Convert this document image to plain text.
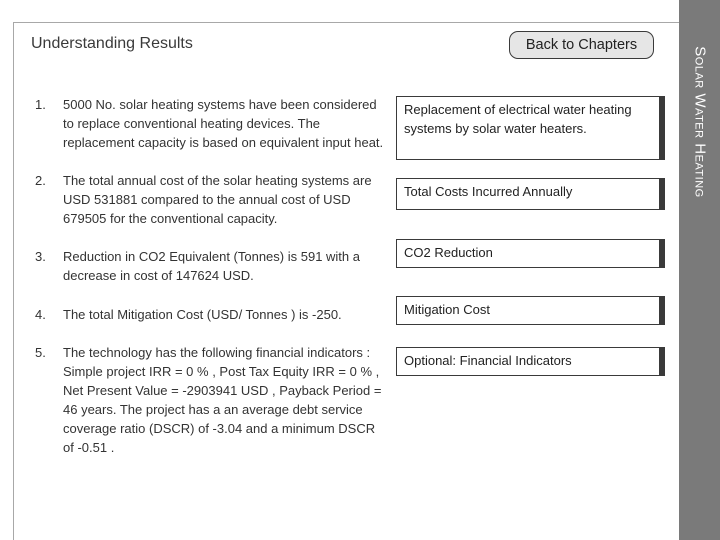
Understanding Results	Back to Chapters
Solar Water Heating
1. 5000 No. solar heating systems have been considered to replace conventional heating devices. The replacement capacity is based on equivalent input heat.
2. The total annual cost of the solar heating systems are USD 531881 compared to the annual cost of USD 679505 for the conventional capacity.
3. Reduction in CO2 Equivalent (Tonnes) is 591 with a decrease in cost of 147624 USD.
4. The total Mitigation Cost (USD/ Tonnes ) is -250.
5. The technology has the following financial indicators : Simple project IRR = 0 % , Post Tax Equity IRR = 0 % , Net Present Value = -2903941 USD , Payback Period = 46 years. The project has a an average debt service coverage ratio (DSCR) of -3.04 and a minimum DSCR of -0.51 .
Replacement of electrical water heating systems by solar water heaters.
Total Costs Incurred Annually
CO2 Reduction
Mitigation Cost
Optional: Financial Indicators
